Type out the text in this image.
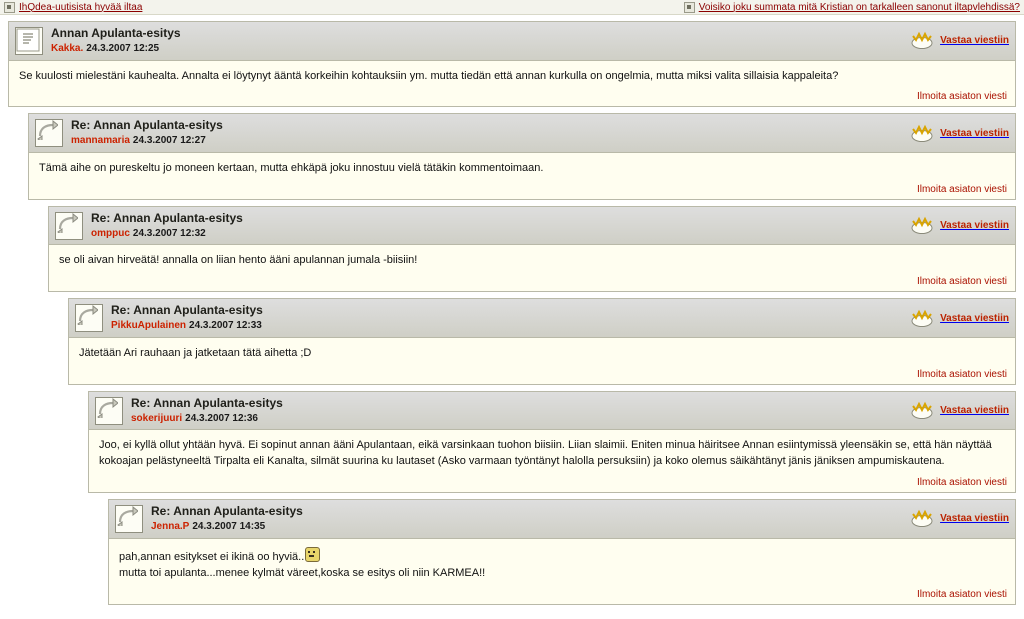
IhQdea-uutisista hyvää iltaa	Voisiko joku summata mitä Kristian on tarkalleen sanonut iltapvlehdissä?
Annan Apulanta-esitys
Kakka. 24.3.2007 12:25
Vastaa viestiin

Se kuulosti mielestäni kauhealta. Annalta ei löytynyt ääntä korkeihin kohtauksiin ym. mutta tiedän että annan kurkulla on ongelmia, mutta miksi valita sillaisia kappaleita?

Ilmoita asiaton viesti
Re: Annan Apulanta-esitys
mannamaria 24.3.2007 12:27
Vastaa viestiin

Tämä aihe on pureskeltu jo moneen kertaan, mutta ehkäpä joku innostuu vielä tätäkin kommentoimaan.

Ilmoita asiaton viesti
Re: Annan Apulanta-esitys
omppuc 24.3.2007 12:32
Vastaa viestiin

se oli aivan hirveätä! annalla on liian hento ääni apulannan jumala -biisiin!

Ilmoita asiaton viesti
Re: Annan Apulanta-esitys
PikkuApulainen 24.3.2007 12:33
Vastaa viestiin

Jätetään Ari rauhaan ja jatketaan tätä aihetta ;D

Ilmoita asiaton viesti
Re: Annan Apulanta-esitys
sokerijuuri 24.3.2007 12:36
Vastaa viestiin

Joo, ei kyllä ollut yhtään hyvä. Ei sopinut annan ääni Apulantaan, eikä varsinkaan tuohon biisiin. Liian slaimii. Eniten minua häiritsee Annan esiintymissä yleensäkin se, että hän näyttää kokoajan pelästyneeltä Tirpalta eli Kanalta, silmät suurina ku lautaset (Asko varmaan työntänyt halolla persuksiin) ja koko olemus säikähtänyt jänis jäniksen ampumiskautena.

Ilmoita asiaton viesti
Re: Annan Apulanta-esitys
Jenna.P 24.3.2007 14:35
Vastaa viestiin

pah,annan esitykset ei ikinä oo hyviä..

mutta toi apulanta...menee kylmät väreet,koska se esitys oli niin KARMEA!!

Ilmoita asiaton viesti
